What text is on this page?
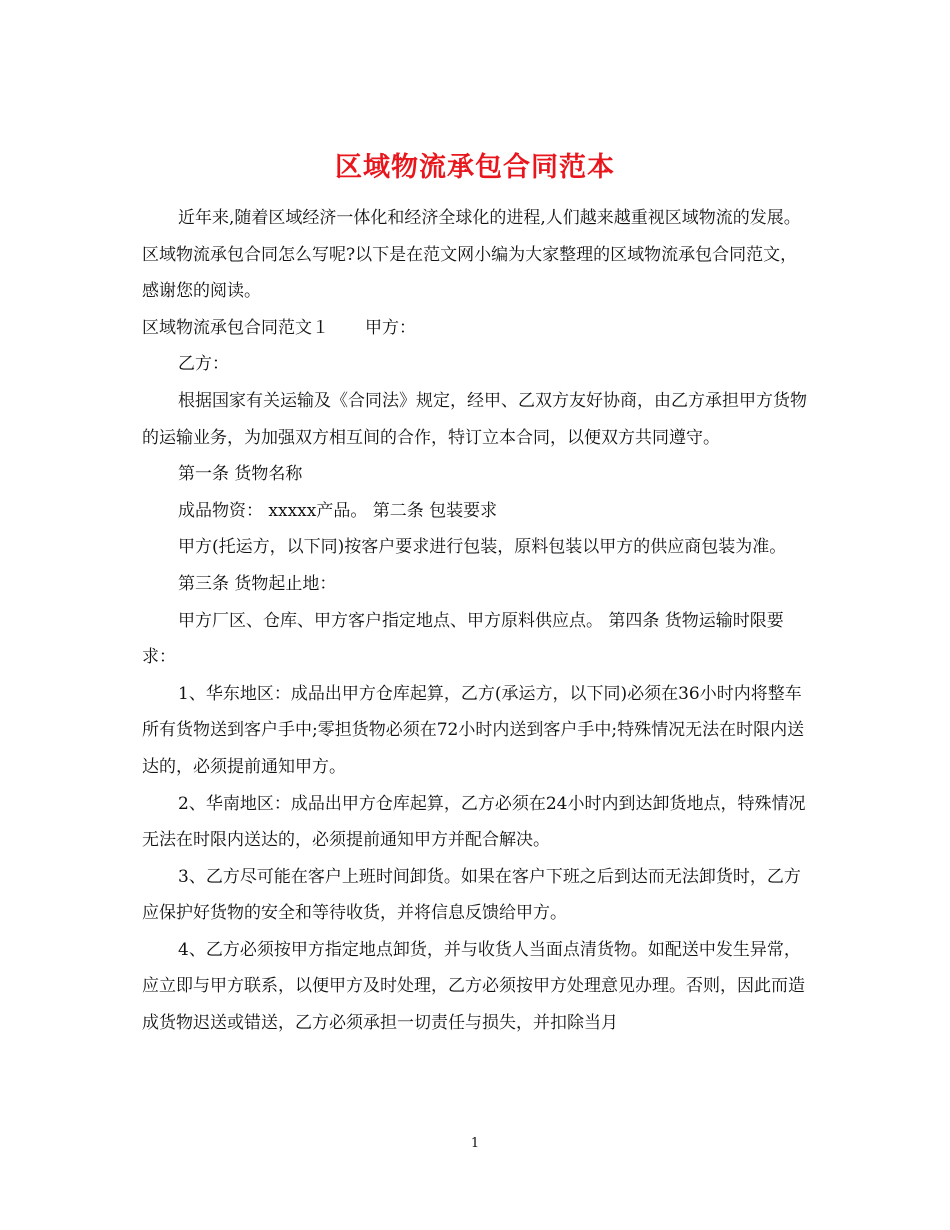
区域物流承包合同范本

近年来,随着区域经济一体化和经济全球化的进程,人们越来越重视区域物流的发展。区域物流承包合同怎么写呢?以下是在范文网小编为大家整理的区域物流承包合同范文，感谢您的阅读。

区域物流承包合同范文１ 甲方：

乙方：

根据国家有关运输及《合同法》规定，经甲、乙双方友好协商，由乙方承担甲方货物的运输业务，为加强双方相互间的合作，特订立本合同，以便双方共同遵守。

第一条 货物名称

成品物资： xxxxx产品。 第二条 包装要求

甲方(托运方，以下同)按客户要求进行包装，原料包装以甲方的供应商包装为准。

第三条 货物起止地：

甲方厂区、仓库、甲方客户指定地点、甲方原料供应点。 第四条 货物运输时限要求：

1、华东地区：成品出甲方仓库起算，乙方(承运方，以下同)必须在36小时内将整车所有货物送到客户手中;零担货物必须在72小时内送到客户手中;特殊情况无法在时限内送达的，必须提前通知甲方。

2、华南地区：成品出甲方仓库起算，乙方必须在24小时内到达卸货地点，特殊情况无法在时限内送达的，必须提前通知甲方并配合解决。

3、乙方尽可能在客户上班时间卸货。如果在客户下班之后到达而无法卸货时，乙方应保护好货物的安全和等待收货，并将信息反馈给甲方。

4、乙方必须按甲方指定地点卸货，并与收货人当面点清货物。如配送中发生异常，应立即与甲方联系，以便甲方及时处理，乙方必须按甲方处理意见办理。否则，因此而造成货物迟送或错送，乙方必须承担一切责任与损失，并扣除当月

1
